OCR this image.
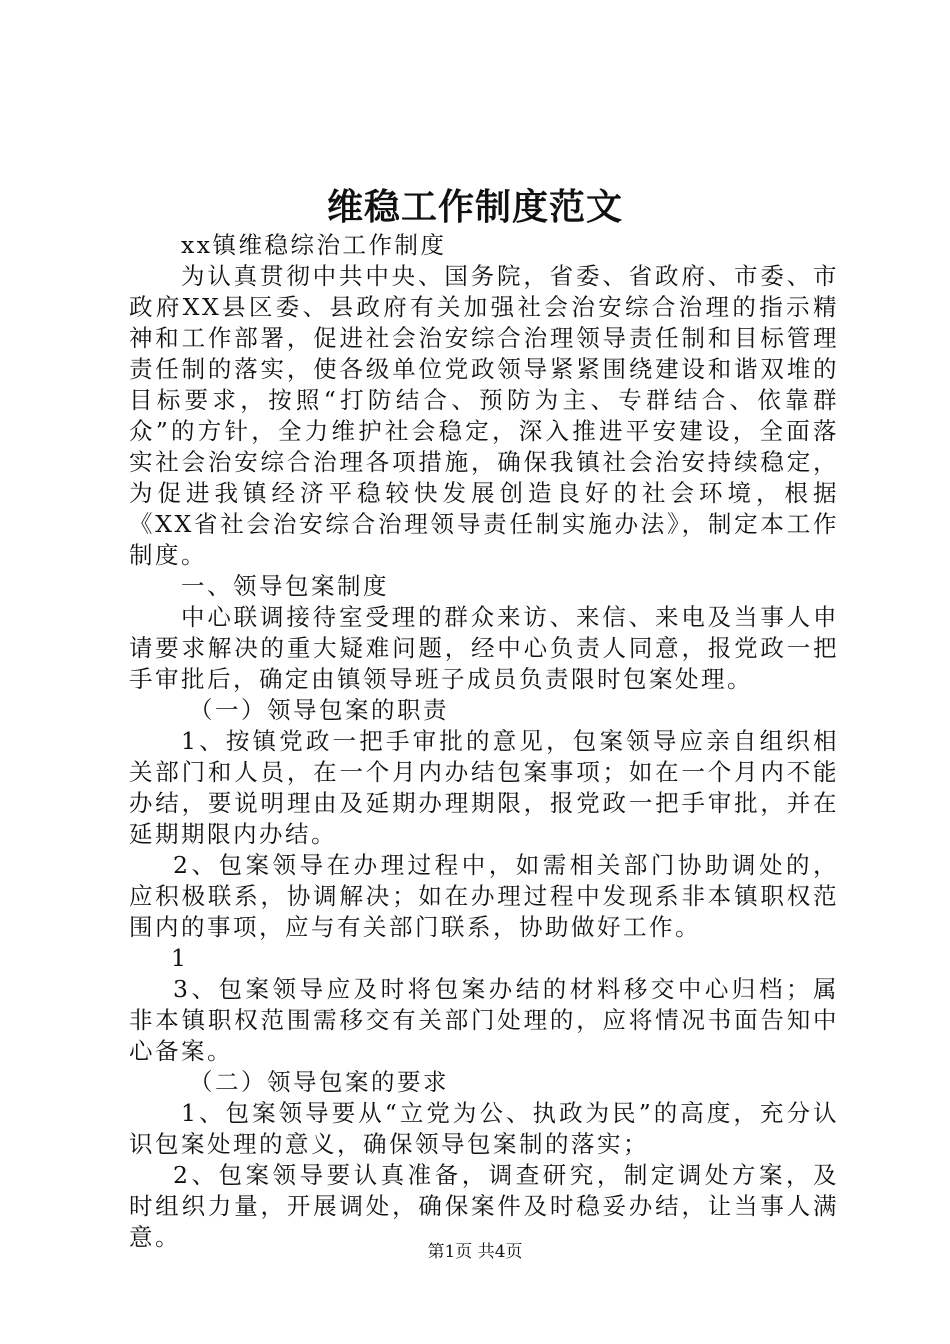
维稳工作制度范文

xx镇维稳综治工作制度

为认真贯彻中共中央、国务院，省委、省政府、市委、市政府XX县区委、县政府有关加强社会治安综合治理的指示精神和工作部署，促进社会治安综合治理领导责任制和目标管理责任制的落实，使各级单位党政领导紧紧围绕建设和谐双堆的目标要求，按照“打防结合、预防为主、专群结合、依靠群众”的方针，全力维护社会稳定，深入推进平安建设，全面落实社会治安综合治理各项措施，确保我镇社会治安持续稳定，为促进我镇经济平稳较快发展创造良好的社会环境，根据《XX省社会治安综合治理领导责任制实施办法》，制定本工作制度。

一、领导包案制度

中心联调接待室受理的群众来访、来信、来电及当事人申请要求解决的重大疑难问题，经中心负责人同意，报党政一把手审批后，确定由镇领导班子成员负责限时包案处理。

（一）领导包案的职责

1、按镇党政一把手审批的意见，包案领导应亲自组织相关部门和人员，在一个月内办结包案事项；如在一个月内不能办结，要说明理由及延期办理期限，报党政一把手审批，并在延期期限内办结。

2、包案领导在办理过程中，如需相关部门协助调处的，应积极联系，协调解决；如在办理过程中发现系非本镇职权范围内的事项，应与有关部门联系，协助做好工作。

1

3、包案领导应及时将包案办结的材料移交中心归档；属非本镇职权范围需移交有关部门处理的，应将情况书面告知中心备案。

（二）领导包案的要求

1、包案领导要从“立党为公、执政为民”的高度，充分认识包案处理的意义，确保领导包案制的落实；

2、包案领导要认真准备，调查研究，制定调处方案，及时组织力量，开展调处，确保案件及时稳妥办结，让当事人满意。

第1页 共4页
